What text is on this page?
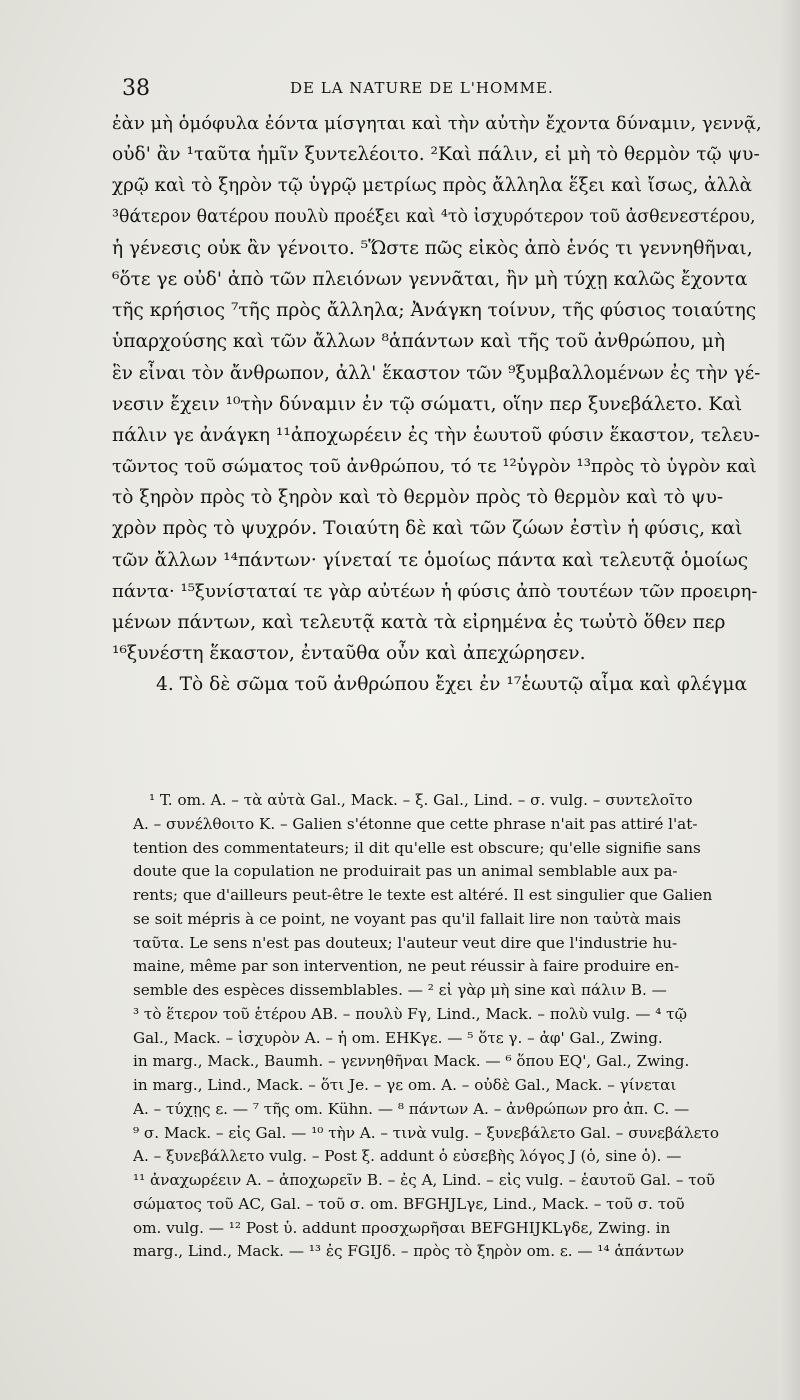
38	DE LA NATURE DE L'HOMME.
ἐὰν μὴ ὁμόφυλα ἐόντα μίσγηται καὶ τὴν αὐτὴν ἔχοντα δύναμιν, γεννᾷ,
οὐδ' ἂν ¹ταῦτα ἡμῖν ξυντελέοιτο. ²Καὶ πάλιν, εἰ μὴ τὸ θερμὸν τῷ ψυ-
χρῷ καὶ τὸ ξηρὸν τῷ ὑγρῷ μετρίως πρὸς ἄλληλα ἕξει καὶ ἴσως, ἀλλὰ
³θάτερον θατέρου πουλὺ προέξει καὶ ⁴τὸ ἰσχυρότερον τοῦ ἀσθενεστέρου,
ἡ γένεσις οὐκ ἂν γένοιτο. ⁵Ὥστε πῶς εἰκὸς ἀπὸ ἑνός τι γεννηθῆναι,
⁶ὅτε γε οὐδ' ἀπὸ τῶν πλειόνων γεννᾶται, ἢν μὴ τύχῃ καλῶς ἔχοντα
τῆς κρήσιος ⁷τῆς πρὸς ἄλληλα; Ἀνάγκη τοίνυν, τῆς φύσιος τοιαύτης
ὑπαρχούσης καὶ τῶν ἄλλων ⁸ἁπάντων καὶ τῆς τοῦ ἀνθρώπου, μὴ
ἓν εἶναι τὸν ἄνθρωπον, ἀλλ' ἕκαστον τῶν ⁹ξυμβαλλομένων ἐς τὴν γέ-
νεσιν ἔχειν ¹⁰τὴν δύναμιν ἐν τῷ σώματι, οἵην περ ξυνεβάλετο. Καὶ
πάλιν γε ἀνάγκη ¹¹ἀποχωρέειν ἐς τὴν ἑωυτοῦ φύσιν ἕκαστον, τελευ-
τῶντος τοῦ σώματος τοῦ ἀνθρώπου, τό τε ¹²ὑγρὸν ¹³πρὸς τὸ ὑγρὸν καὶ
τὸ ξηρὸν πρὸς τὸ ξηρὸν καὶ τὸ θερμὸν πρὸς τὸ θερμὸν καὶ τὸ ψυ-
χρὸν πρὸς τὸ ψυχρόν. Τοιαύτη δὲ καὶ τῶν ζώων ἐστὶν ἡ φύσις, καὶ
τῶν ἄλλων ¹⁴πάντων· γίνεταί τε ὁμοίως πάντα καὶ τελευτᾷ ὁμοίως
πάντα· ¹⁵ξυνίσταταί τε γὰρ αὐτέων ἡ φύσις ἀπὸ τουτέων τῶν προειρη-
μένων πάντων, καὶ τελευτᾷ κατὰ τὰ εἰρημένα ἐς τωὐτὸ ὅθεν περ
¹⁶ξυνέστη ἕκαστον, ἐνταῦθα οὖν καὶ ἀπεχώρησεν.
4. Τὸ δὲ σῶμα τοῦ ἀνθρώπου ἔχει ἐν ¹⁷ἑωυτῷ αἷμα καὶ φλέγμα
¹ T. om. A. – τὰ αὐτὰ Gal., Mack. – ξ. Gal., Lind. – σ. vulg. – συντελοῖτο
A. – συνέλθοιτο K. – Galien s'étonne que cette phrase n'ait pas attiré l'at-
tention des commentateurs; il dit qu'elle est obscure; qu'elle signifie sans
doute que la copulation ne produirait pas un animal semblable aux pa-
rents; que d'ailleurs peut-être le texte est altéré. Il est singulier que Galien
se soit mépris à ce point, ne voyant pas qu'il fallait lire non ταὐτὰ mais
ταῦτα. Le sens n'est pas douteux; l'auteur veut dire que l'industrie hu-
maine, même par son intervention, ne peut réussir à faire produire en-
semble des espèces dissemblables. — ² εἰ γὰρ μὴ sine καὶ πάλιν B. —
³ τὸ ἕτερον τοῦ ἑτέρου AB. – πουλὺ Fγ, Lind., Mack. – πολὺ vulg. — ⁴ τῷ
Gal., Mack. – ἰσχυρὸν A. – ἡ om. EHKγε. — ⁵ ὅτε γ. – ἀφ' Gal., Zwing.
in marg., Mack., Baumh. – γεννηθῆναι Mack. — ⁶ ὅπου EQ', Gal., Zwing.
in marg., Lind., Mack. – ὅτι Je. – γε om. A. – οὐδὲ Gal., Mack. – γίνεται
A. – τύχῃς ε. — ⁷ τῆς om. Kühn. — ⁸ πάντων A. – ἀνθρώπων pro ἀπ. C. —
⁹ σ. Mack. – εἰς Gal. — ¹⁰ τὴν A. – τινὰ vulg. – ξυνεβάλετο Gal. – συνεβάλετο
A. – ξυνεβάλλετο vulg. – Post ξ. addunt ὁ εὐσεβὴς λόγος J (ὁ, sine ὁ). —
¹¹ ἀναχωρέειν A. – ἀποχωρεῖν B. – ἐς A, Lind. – εἰς vulg. – ἑαυτοῦ Gal. – τοῦ
σώματος τοῦ AC, Gal. – τοῦ σ. om. BFGHJLγε, Lind., Mack. – τοῦ σ. τοῦ
om. vulg. — ¹² Post ὑ. addunt προσχωρῆσαι BEFGHIJKLγδε, Zwing. in
marg., Lind., Mack. — ¹³ ἐς FGIJδ. – πρὸς τὸ ξηρὸν om. ε. — ¹⁴ ἁπάντων
